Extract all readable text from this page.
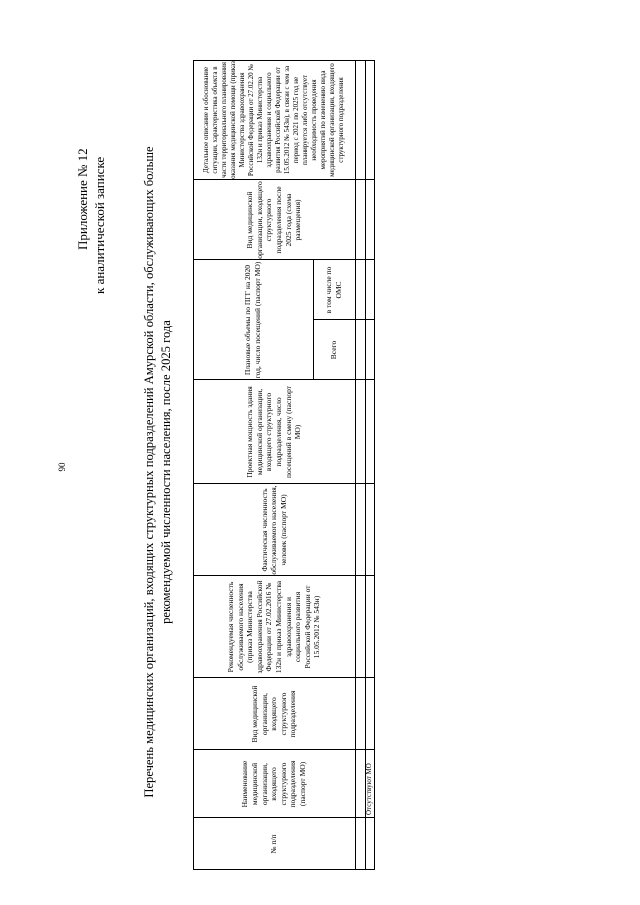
90
Приложение № 12 к аналитической записке	Перечень медицинских организаций, входящих структурных подразделений Амурской области, обслуживающих больше рекомендуемой численности населения, после 2025 года
№ п/п
Наименование медицинской организации, входящего структурного подразделения (паспорт МО)
Вид медицинской организации, входящего структурного подразделения
Рекомендуемая численность обслуживаемого населения (приказ Министерства здравоохранения Российской Федерации от 27.02.2016 № 132н и приказ Министерства здравоохранения и социального развития Российской Федерации от 15.05.2012 № 543н)
Фактическая численность обслуживаемого населения, человек (паспорт МО)
Проектная мощность здания медицинской организации, входящего структурного подразделения, число посещений в смену (паспорт МО)
Плановые объемы по ПГГ на 2020 год, число посещений (паспорт МО)	Всего
в том числе по ОМС
Вид медицинской организации, входящего структурного подразделения после 2025 года (схема размещения)
Детальное описание и обоснование ситуации, характеристика объекта в части территориального планирования оказания медицинской помощи (приказ Министерства здравоохранения Российской Федерации от 27.02.20 № 132н и приказ Министерства здравоохранения и социального развития Российской Федерации от 15.05.2012 № 543н), в связи с чем за период с 2021 по 2025 год не планируется либо отсутствует необходимость проведения мероприятий по изменению вида медицинской организации, входящего структурного подразделения
Отсутствуют МО
